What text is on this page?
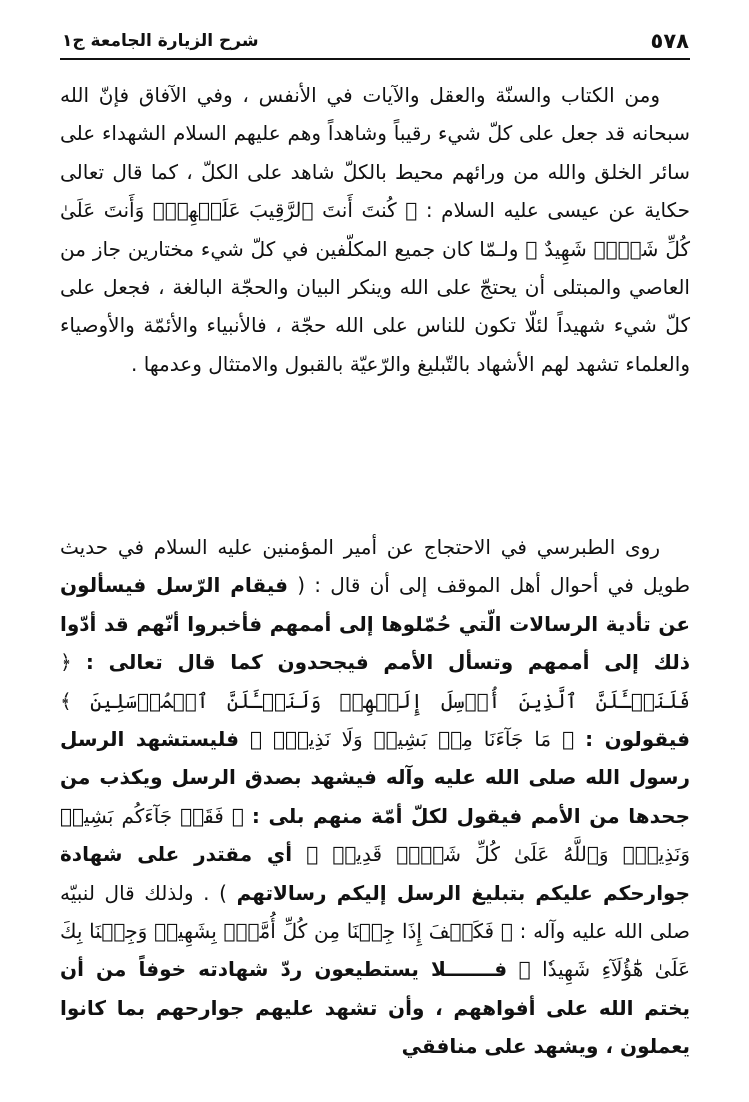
٥٧٨
شرح الزيارة الجامعة ج١
ومن الكتاب والسنّة والعقل والآيات في الأنفس ، وفي الآفاق فإنّ الله سبحانه قد جعل على كلّ شيء رقيباً وشاهداً وهم عليهم السلام الشهداء على سائر الخلق والله من ورائهم محيط بالكلّ شاهد على الكلّ ، كما قال تعالى حكاية عن عيسى عليه السلام : ﴿ كُنتَ أَنتَ ٱلرَّقِيبَ عَلَيۡهِمۡۚ وَأَنتَ عَلَىٰ كُلِّ شَيۡءٖ شَهِيدٌ ﴾ ولـمّا كان جميع المكلّفين في كلّ شيء مختارين جاز من العاصي والمبتلى أن يحتجّ على الله وينكر البيان والحجّة البالغة ، فجعل على كلّ شيء شهيداً لئلّا تكون للناس على الله حجّة ، فالأنبياء والأئمّة والأوصياء والعلماء تشهد لهم الأشهاد بالتّبليغ والرّعيّة بالقبول والامتثال وعدمها .
روى الطبرسي في الاحتجاج عن أمير المؤمنين عليه السلام في حديث طويل في أحوال أهل الموقف إلى أن قال : ( فيقام الرّسل فيسألون عن تأدية الرسالات الّتي حُمّلوها إلى أممهم فأخبروا أنّهم قد أدّوا ذلك إلى أممهم وتسأل الأمم فيجحدون كما قال تعالى : ﴿ فَلَنَسۡـَٔلَنَّ ٱلَّذِينَ أُرۡسِلَ إِلَيۡهِمۡ وَلَنَسۡـَٔلَنَّ ٱلۡمُرۡسَلِينَ ﴾ فيقولون : ﴿ مَا جَآءَنَا مِنۢ بَشِيرٖ وَلَا نَذِيرٖۖ ﴾ فليستشهد الرسل رسول الله صلى الله عليه وآله فيشهد بصدق الرسل ويكذب من جحدها من الأمم فيقول لكلّ أمّة منهم بلى : ﴿ فَقَدۡ جَآءَكُم بَشِيرٞ وَنَذِيرٞۗ وَٱللَّهُ عَلَىٰ كُلِّ شَيۡءٖ قَدِيرٞ ﴾ أي مقتدر على شهادة جوارحكم عليكم بتبليغ الرسل إليكم رسالاتهم ) . ولذلك قال لنبيّه صلى الله عليه وآله : ﴿ فَكَيۡفَ إِذَا جِئۡنَا مِن كُلِّ أُمَّةِۭ بِشَهِيدٖ وَجِئۡنَا بِكَ عَلَىٰ هَٰٓؤُلَآءِ شَهِيدٗا ﴾ فـــــــلا يستطيعون ردّ شهادته خوفاً من أن يختم الله على أفواههم ، وأن تشهد عليهم جوارحهم بما كانوا يعملون ، ويشهد على منافقي
